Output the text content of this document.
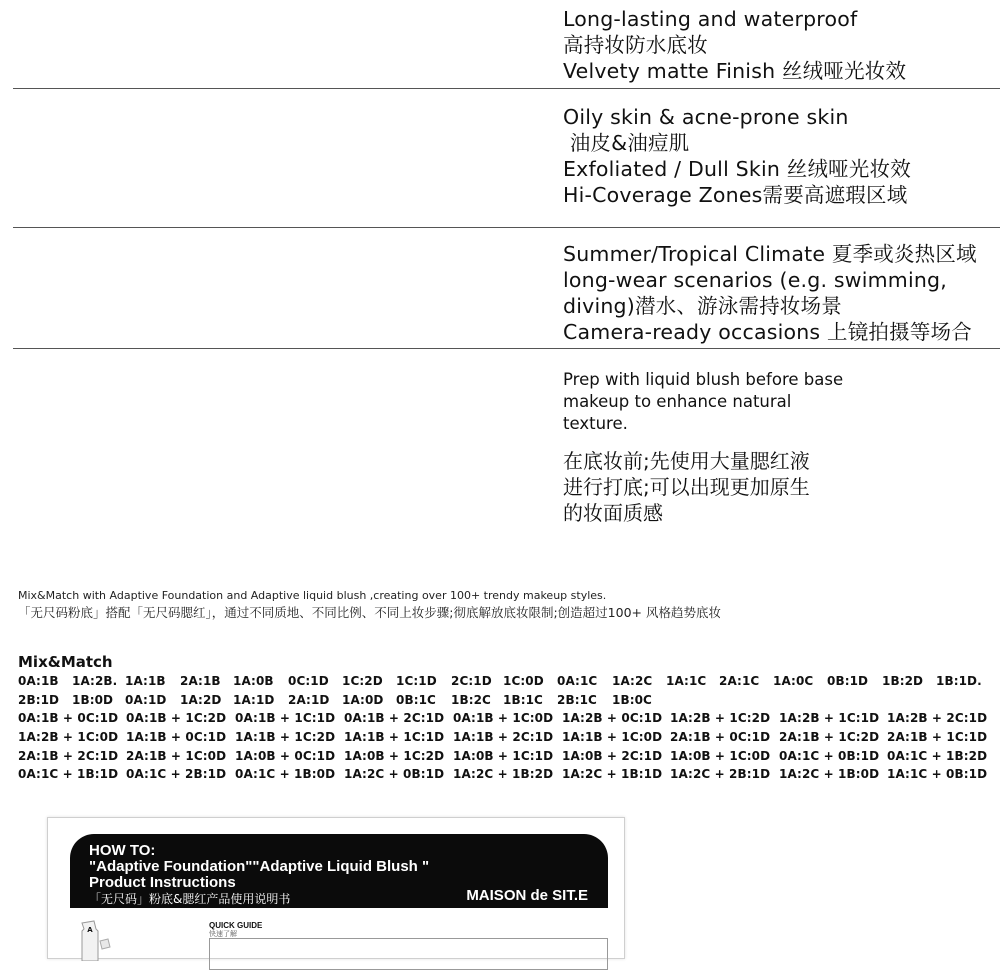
Long-lasting and waterproof
高持妆防水底妆
Velvety matte Finish 丝绒哑光妆效
Oily skin & acne-prone skin
油皮&油痘肌
Exfoliated / Dull Skin 丝绒哑光妆效
Hi-Coverage Zones需要高遮瑕区域
Summer/Tropical Climate 夏季或炎热区域
long-wear scenarios (e.g. swimming,
diving)潜水、游泳需持妆场景
Camera-ready occasions 上镜拍摄等场合
Prep with liquid blush before base
makeup to enhance natural
texture.
在底妆前;先使用大量腮红液
进行打底;可以出现更加原生
的妆面质感
Mix&Match with Adaptive Foundation and Adaptive liquid blush ,creating over 100+ trendy makeup styles.
「无尺码粉底」搭配「无尺码腮红」，通过不同质地、不同比例、不同上妆步骤;彻底解放底妆限制;创造超过100+ 风格趋势底妆
Mix&Match
0A:1B 1A:2B. 1A:1B 2A:1B 1A:0B 0C:1D 1C:2D 1C:1D 2C:1D 1C:0D 0A:1C 1A:2C 1A:1C 2A:1C 1A:0C 0B:1D 1B:2D 1B:1D.
2B:1D 1B:0D 0A:1D 1A:2D 1A:1D 2A:1D 1A:0D 0B:1C 1B:2C 1B:1C 2B:1C 1B:0C
0A:1B + 0C:1D 0A:1B + 1C:2D 0A:1B + 1C:1D 0A:1B + 2C:1D 0A:1B + 1C:0D 1A:2B + 0C:1D 1A:2B + 1C:2D 1A:2B + 1C:1D 1A:2B + 2C:1D
1A:2B + 1C:0D 1A:1B + 0C:1D 1A:1B + 1C:2D 1A:1B + 1C:1D 1A:1B + 2C:1D 1A:1B + 1C:0D 2A:1B + 0C:1D 2A:1B + 1C:2D 2A:1B + 1C:1D
2A:1B + 2C:1D 2A:1B + 1C:0D 1A:0B + 0C:1D 1A:0B + 1C:2D 1A:0B + 1C:1D 1A:0B + 2C:1D 1A:0B + 1C:0D 0A:1C + 0B:1D 0A:1C + 1B:2D
0A:1C + 1B:1D 0A:1C + 2B:1D 0A:1C + 1B:0D 1A:2C + 0B:1D 1A:2C + 1B:2D 1A:2C + 1B:1D 1A:2C + 2B:1D 1A:2C + 1B:0D 1A:1C + 0B:1D
HOW TO:
"Adaptive Foundation""Adaptive Liquid Blush "
Product Instructions
「无尺码」粉底&腮红产品使用说明书	MAISON de SIT.E
A	QUICK GUIDE
快速了解
